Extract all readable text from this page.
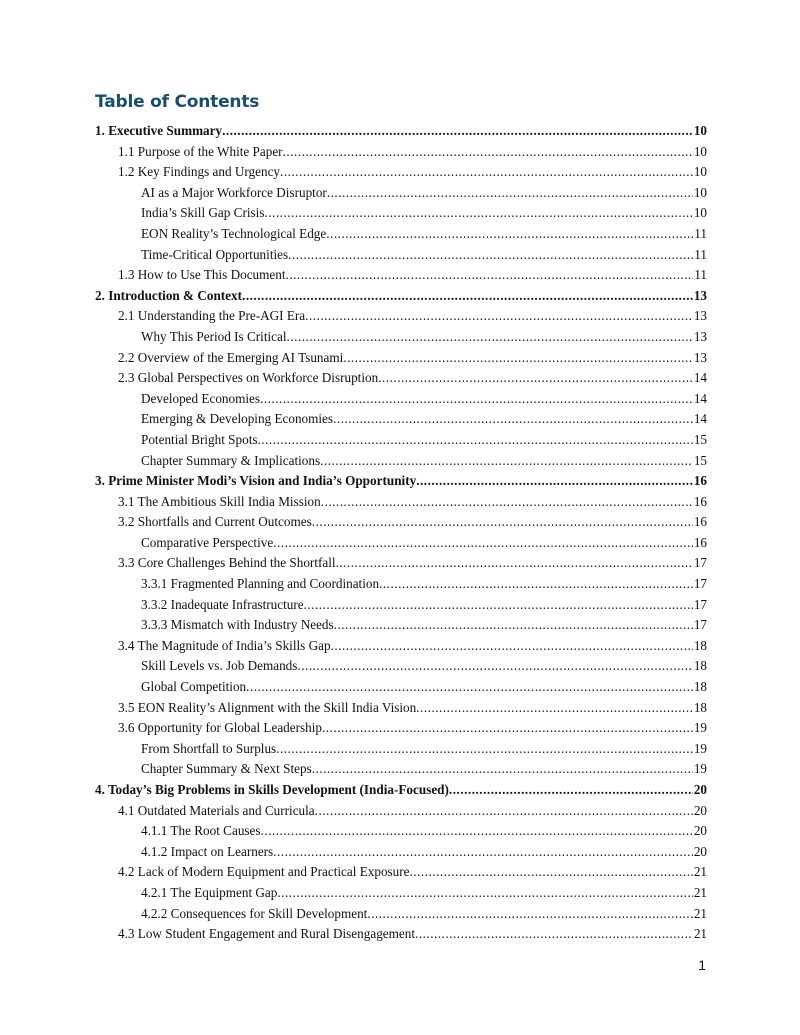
Table of Contents
1. Executive Summary .....	10
1.1 Purpose of the White Paper .....	10
1.2 Key Findings and Urgency .....	10
AI as a Major Workforce Disruptor .....	10
India’s Skill Gap Crisis .....	10
EON Reality’s Technological Edge .....	11
Time-Critical Opportunities .....	11
1.3 How to Use This Document .....	11
2. Introduction & Context .....	13
2.1 Understanding the Pre-AGI Era .....	13
Why This Period Is Critical .....	13
2.2 Overview of the Emerging AI Tsunami .....	13
2.3 Global Perspectives on Workforce Disruption .....	14
Developed Economies .....	14
Emerging & Developing Economies .....	14
Potential Bright Spots .....	15
Chapter Summary & Implications .....	15
3. Prime Minister Modi’s Vision and India’s Opportunity .....	16
3.1 The Ambitious Skill India Mission .....	16
3.2 Shortfalls and Current Outcomes .....	16
Comparative Perspective .....	16
3.3 Core Challenges Behind the Shortfall .....	17
3.3.1 Fragmented Planning and Coordination .....	17
3.3.2 Inadequate Infrastructure .....	17
3.3.3 Mismatch with Industry Needs .....	17
3.4 The Magnitude of India’s Skills Gap .....	18
Skill Levels vs. Job Demands .....	18
Global Competition .....	18
3.5 EON Reality’s Alignment with the Skill India Vision .....	18
3.6 Opportunity for Global Leadership .....	19
From Shortfall to Surplus .....	19
Chapter Summary & Next Steps .....	19
4. Today’s Big Problems in Skills Development (India-Focused) .....	20
4.1 Outdated Materials and Curricula .....	20
4.1.1 The Root Causes .....	20
4.1.2 Impact on Learners .....	20
4.2 Lack of Modern Equipment and Practical Exposure .....	21
4.2.1 The Equipment Gap .....	21
4.2.2 Consequences for Skill Development .....	21
4.3 Low Student Engagement and Rural Disengagement .....	21
1
